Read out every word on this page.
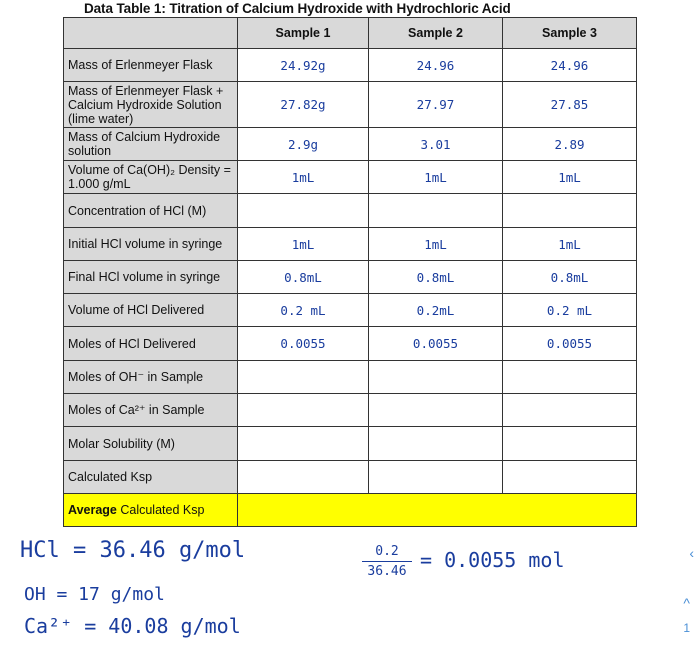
Data Table 1: Titration of Calcium Hydroxide with Hydrochloric Acid
	Sample 1	Sample 2	Sample 3
Mass of Erlenmeyer Flask	24.92g	24.96	24.96
Mass of Erlenmeyer Flask + Calcium Hydroxide Solution (lime water)	27.82g	27.97	27.85
Mass of Calcium Hydroxide solution	2.9g	3.01	2.89
Volume of Ca(OH)₂ Density = 1.000 g/mL	1mL	1mL	1mL
Concentration of HCl (M)			
Initial HCl volume in syringe	1mL	1mL	1mL
Final HCl volume in syringe	0.8mL	0.8mL	0.8mL
Volume of HCl Delivered	0.2 mL	0.2mL	0.2 mL
Moles of HCl Delivered	0.0055	0.0055	0.0055
Moles of OH⁻ in Sample			
Moles of Ca²⁺ in Sample			
Molar Solubility (M)			
Calculated Ksp			
Average Calculated Ksp			
HCl = 36.46 g/mol
OH = 17 g/mol
Ca²⁺ = 40.08 g/mol
0.2
36.46 = 0.0055 mol	‹
^
1
